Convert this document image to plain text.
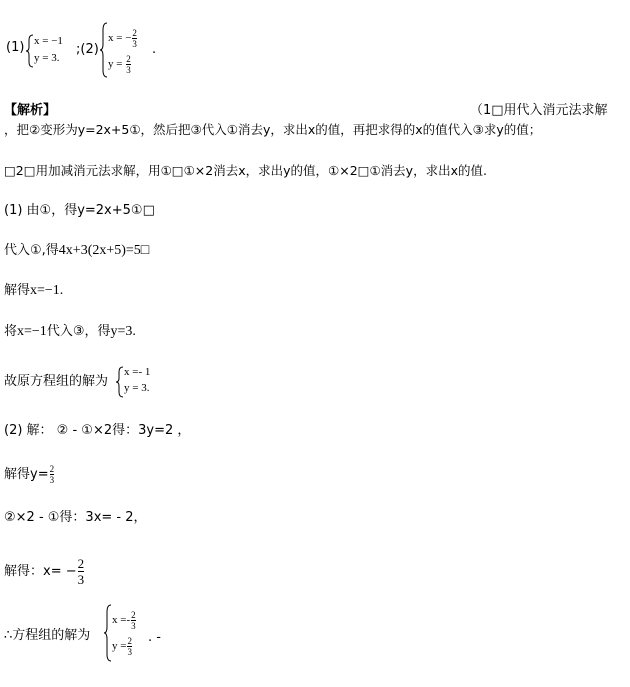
(1) x = −1
y = 3.
;(2)
x = − $\frac{2}{3}$
$y = \frac{2}{3}$
.
【解析】	（1□用代入消元法求解
，把②变形为y=2x+5①，然后把③代入①消去y，求出x的值，再把求得的x的值代入③求y的值；
□2□用加减消元法求解，用①□①×2消去x，求出y的值，①×2□①消去y，求出x的值.
(1) 由①，得y=2x+5①□
代入①,得4x+3(2x+5)=5□
解得x=−1.
将x=−1代入③，得y=3.
故原方程组的解为
x =- 1
y = 3.
(2) 解： ② - ①×2得：3y=2 ，
解得$y= \frac{2}{3}$
②×2 - ①得：3x= - 2，
解得：$x= - \frac{2}{3}$
∴方程组的解为
$x =- \frac{2}{3}$
$y = \frac{2}{3}$ . -
